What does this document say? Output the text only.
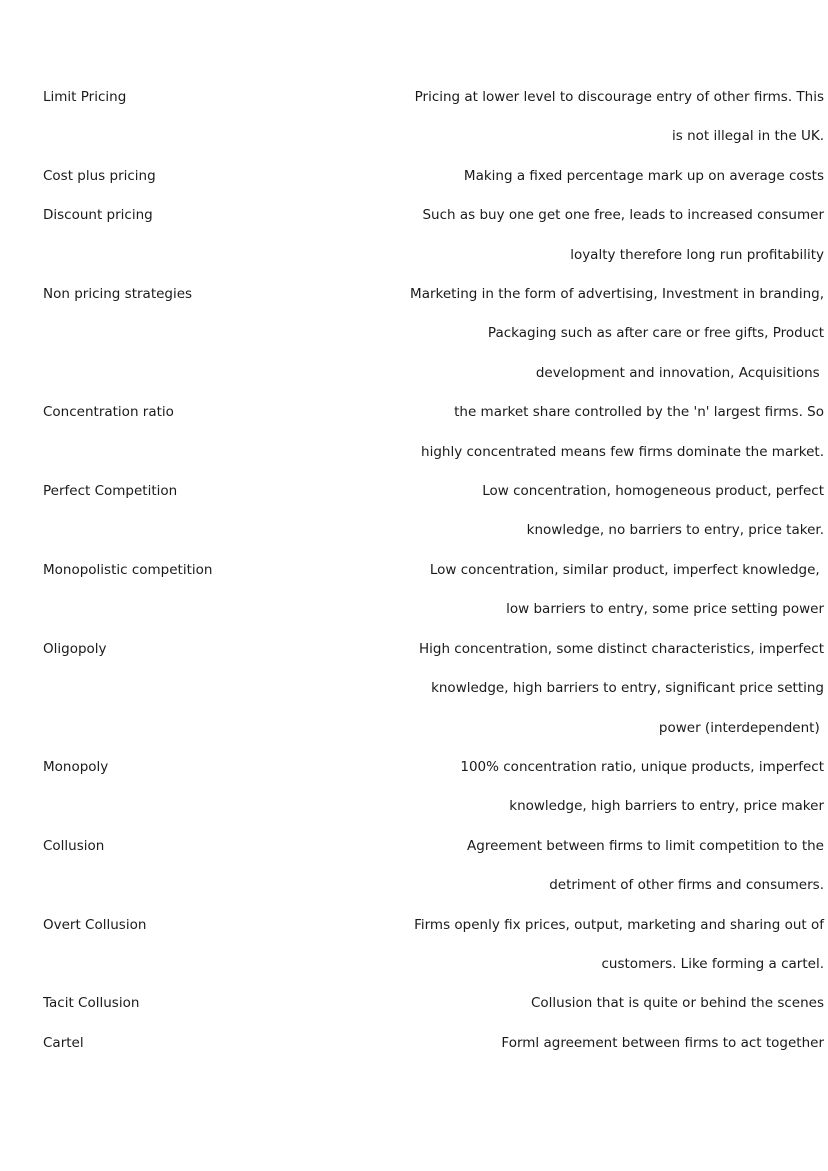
Limit Pricing	Pricing at lower level to discourage entry of other firms. This
is not illegal in the UK.
Cost plus pricing	Making a fixed percentage mark up on average costs
Discount pricing	Such as buy one get one free, leads to increased consumer
loyalty therefore long run profitability
Non pricing strategies	Marketing in the form of advertising, Investment in branding,
Packaging such as after care or free gifts, Product
development and innovation, Acquisitions
Concentration ratio	the market share controlled by the 'n' largest firms. So
highly concentrated means few firms dominate the market.
Perfect Competition	Low concentration, homogeneous product, perfect
knowledge, no barriers to entry, price taker.
Monopolistic competition	Low concentration, similar product, imperfect knowledge,
low barriers to entry, some price setting power
Oligopoly	High concentration, some distinct characteristics, imperfect
knowledge, high barriers to entry, significant price setting
power (interdependent)
Monopoly	100% concentration ratio, unique products, imperfect
knowledge, high barriers to entry, price maker
Collusion	Agreement between firms to limit competition to the
detriment of other firms and consumers.
Overt Collusion	Firms openly fix prices, output, marketing and sharing out of
customers. Like forming a cartel.
Tacit Collusion	Collusion that is quite or behind the scenes
Cartel	Forml agreement between firms to act together
